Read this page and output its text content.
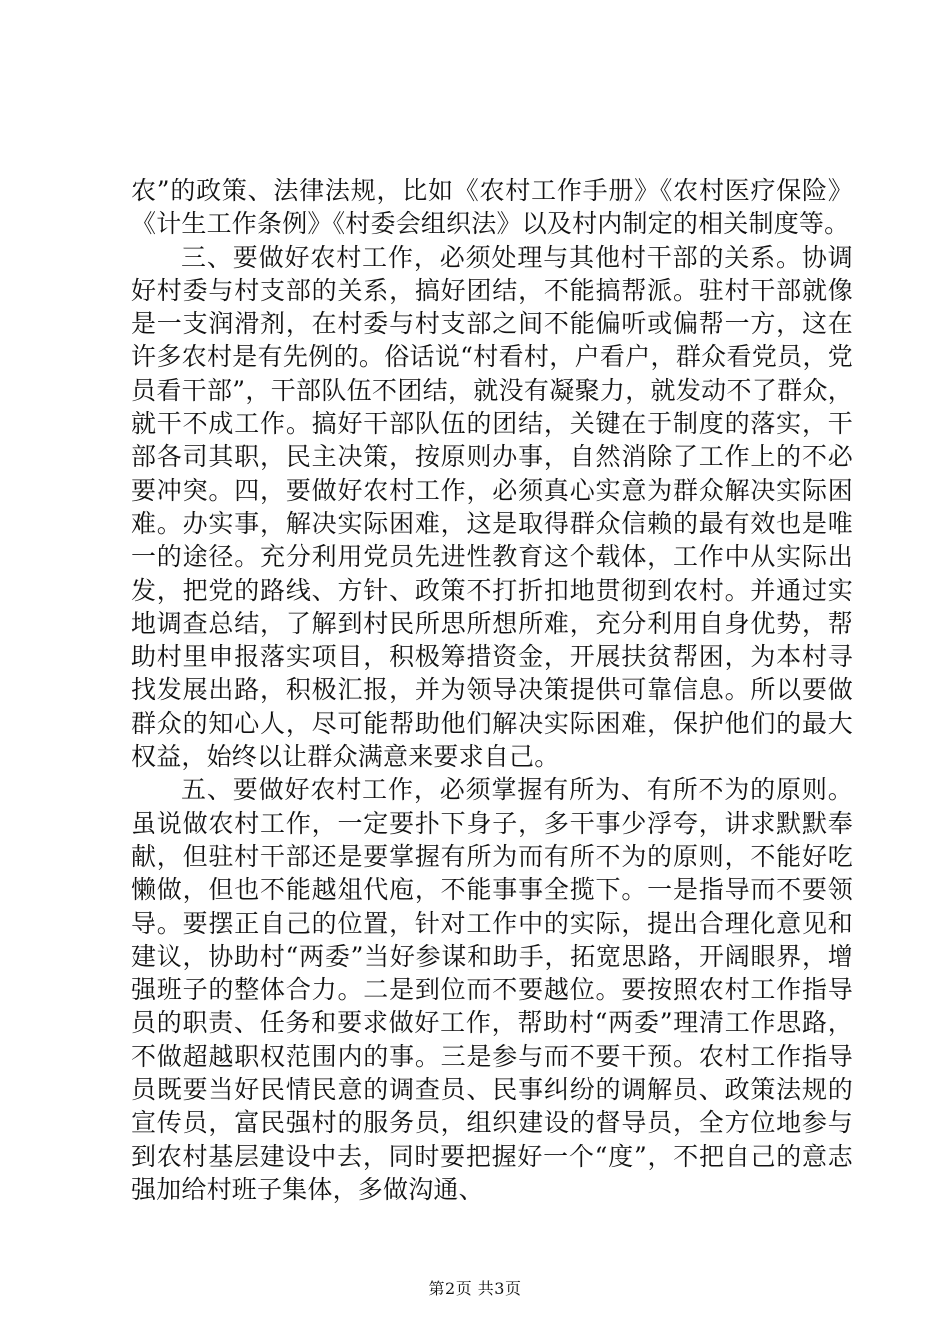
农”的政策、法律法规，比如《农村工作手册》《农村医疗保险》《计生工作条例》《村委会组织法》以及村内制定的相关制度等。

三、要做好农村工作，必须处理与其他村干部的关系。协调好村委与村支部的关系，搞好团结，不能搞帮派。驻村干部就像是一支润滑剂，在村委与村支部之间不能偏听或偏帮一方，这在许多农村是有先例的。俗话说“村看村，户看户，群众看党员，党员看干部”，干部队伍不团结，就没有凝聚力，就发动不了群众，就干不成工作。搞好干部队伍的团结，关键在于制度的落实，干部各司其职，民主决策，按原则办事，自然消除了工作上的不必要冲突。四，要做好农村工作，必须真心实意为群众解决实际困难。办实事，解决实际困难，这是取得群众信赖的最有效也是唯一的途径。充分利用党员先进性教育这个载体，工作中从实际出发，把党的路线、方针、政策不打折扣地贯彻到农村。并通过实地调查总结，了解到村民所思所想所难，充分利用自身优势，帮助村里申报落实项目，积极筹措资金，开展扶贫帮困，为本村寻找发展出路，积极汇报，并为领导决策提供可靠信息。所以要做群众的知心人，尽可能帮助他们解决实际困难，保护他们的最大权益，始终以让群众满意来要求自己。

五、要做好农村工作，必须掌握有所为、有所不为的原则。虽说做农村工作，一定要扑下身子，多干事少浮夸，讲求默默奉献，但驻村干部还是要掌握有所为而有所不为的原则，不能好吃懒做，但也不能越俎代庖，不能事事全揽下。一是指导而不要领导。要摆正自己的位置，针对工作中的实际，提出合理化意见和建议，协助村“两委”当好参谋和助手，拓宽思路，开阔眼界，增强班子的整体合力。二是到位而不要越位。要按照农村工作指导员的职责、任务和要求做好工作，帮助村“两委”理清工作思路，不做超越职权范围内的事。三是参与而不要干预。农村工作指导员既要当好民情民意的调查员、民事纠纷的调解员、政策法规的宣传员，富民强村的服务员，组织建设的督导员，全方位地参与到农村基层建设中去，同时要把握好一个“度”，不把自己的意志强加给村班子集体，多做沟通、

第2页 共3页
